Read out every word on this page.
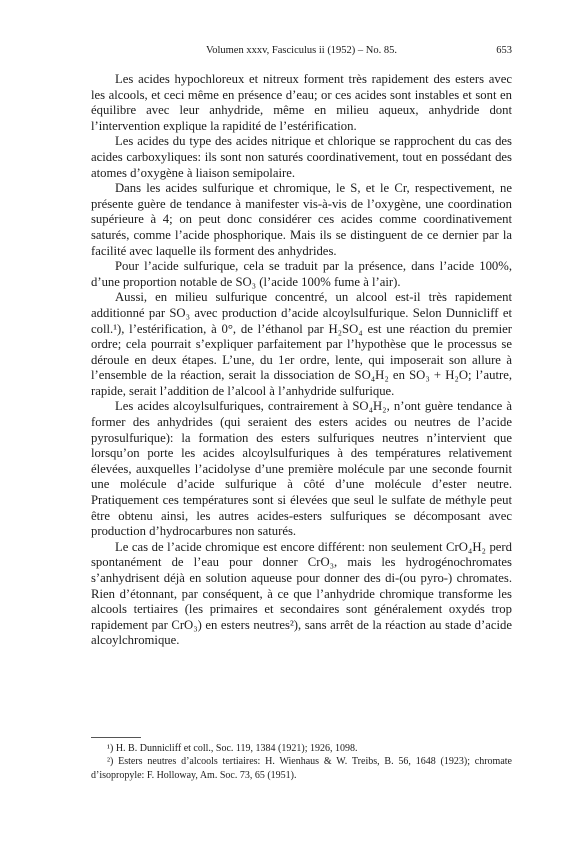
Volumen xxxv, Fasciculus ii (1952) – No. 85.	653

Les acides hypochloreux et nitreux forment très rapidement des esters avec les alcools, et ceci même en présence d’eau; or ces acides sont instables et sont en équilibre avec leur anhydride, même en milieu aqueux, anhydride dont l’intervention explique la rapidité de l’estérification.

Les acides du type des acides nitrique et chlorique se rapprochent du cas des acides carboxyliques: ils sont non saturés coordinativement, tout en possédant des atomes d’oxygène à liaison semipolaire.

Dans les acides sulfurique et chromique, le S, et le Cr, respectivement, ne présente guère de tendance à manifester vis-à-vis de l’oxygène, une coordination supérieure à 4; on peut donc considérer ces acides comme coordinativement saturés, comme l’acide phosphorique. Mais ils se distinguent de ce dernier par la facilité avec laquelle ils forment des anhydrides.

Pour l’acide sulfurique, cela se traduit par la présence, dans l’acide 100%, d’une proportion notable de SO₃ (l’acide 100% fume à l’air).

Aussi, en milieu sulfurique concentré, un alcool est-il très rapidement additionné par SO₃ avec production d’acide alcoylsulfurique. Selon Dunnicliff et coll.¹), l’estérification, à 0°, de l’éthanol par H₂SO₄ est une réaction du premier ordre; cela pourrait s’expliquer parfaitement par l’hypothèse que le processus se déroule en deux étapes. L’une, du 1er ordre, lente, qui imposerait son allure à l’ensemble de la réaction, serait la dissociation de SO₄H₂ en SO₃ + H₂O; l’autre, rapide, serait l’addition de l’alcool à l’anhydride sulfurique.

Les acides alcoylsulfuriques, contrairement à SO₄H₂, n’ont guère tendance à former des anhydrides (qui seraient des esters acides ou neutres de l’acide pyrosulfurique): la formation des esters sulfuriques neutres n’intervient que lorsqu’on porte les acides alcoylsulfuriques à des températures relativement élevées, auxquelles l’acidolyse d’une première molécule par une seconde fournit une molécule d’acide sulfurique à côté d’une molécule d’ester neutre. Pratiquement ces températures sont si élevées que seul le sulfate de méthyle peut être obtenu ainsi, les autres acides-esters sulfuriques se décomposant avec production d’hydrocarbures non saturés.

Le cas de l’acide chromique est encore différent: non seulement CrO₄H₂ perd spontanément de l’eau pour donner CrO₃, mais les hydrogénochromates s’anhydrisent déjà en solution aqueuse pour donner des di-(ou pyro-) chromates. Rien d’étonnant, par conséquent, à ce que l’anhydride chromique transforme les alcools tertiaires (les primaires et secondaires sont généralement oxydés trop rapidement par CrO₃) en esters neutres²), sans arrêt de la réaction au stade d’acide alcoylchromique.

¹) H. B. Dunnicliff et coll., Soc. 119, 1384 (1921); 1926, 1098.

²) Esters neutres d’alcools tertiaires: H. Wienhaus & W. Treibs, B. 56, 1648 (1923); chromate d’isopropyle: F. Holloway, Am. Soc. 73, 65 (1951).
